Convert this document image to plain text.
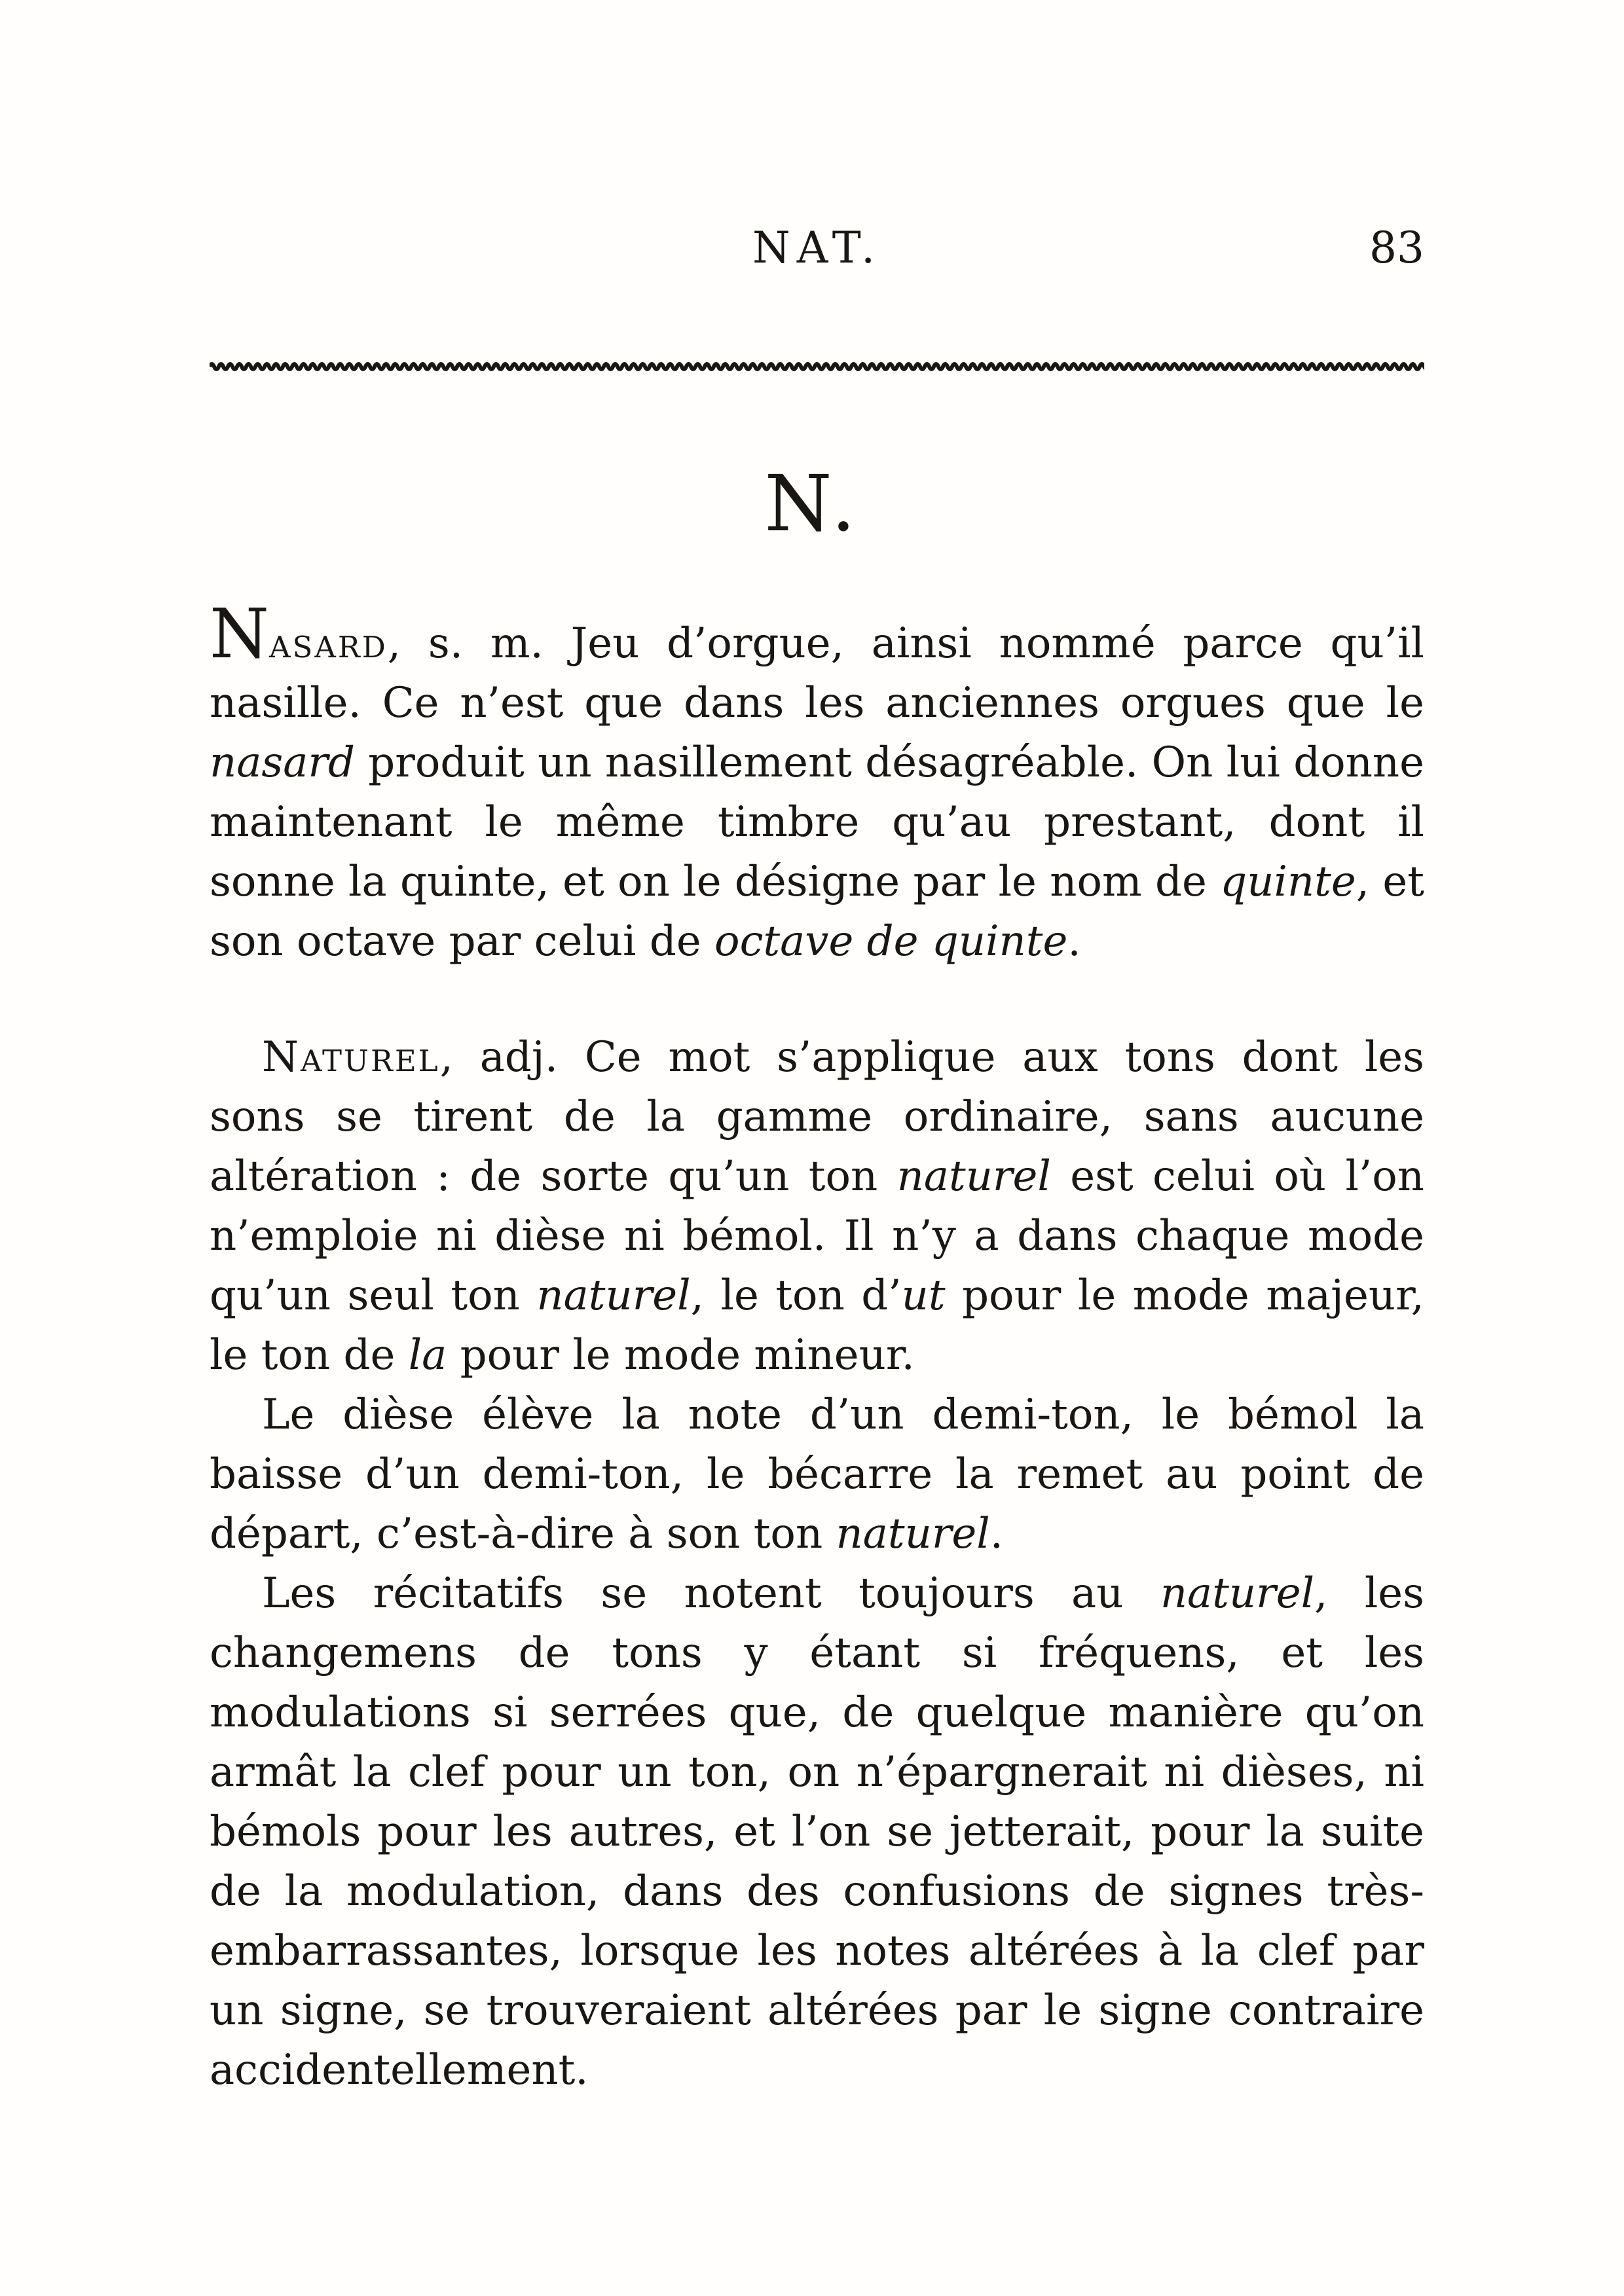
NAT.	83
N.

Nasard, s. m. Jeu d’orgue, ainsi nommé parce qu’il nasille. Ce n’est que dans les anciennes orgues que le nasard produit un nasillement désagréable. On lui donne maintenant le même timbre qu’au prestant, dont il sonne la quinte, et on le désigne par le nom de quinte, et son octave par celui de octave de quinte.

Naturel, adj. Ce mot s’applique aux tons dont les sons se tirent de la gamme ordinaire, sans aucune altération : de sorte qu’un ton naturel est celui où l’on n’emploie ni dièse ni bémol. Il n’y a dans chaque mode qu’un seul ton naturel, le ton d’ut pour le mode majeur, le ton de la pour le mode mineur.

Le dièse élève la note d’un demi-ton, le bémol la baisse d’un demi-ton, le bécarre la remet au point de départ, c’est-à-dire à son ton naturel.

Les récitatifs se notent toujours au naturel, les changemens de tons y étant si fréquens, et les modulations si serrées que, de quelque manière qu’on armât la clef pour un ton, on n’épargnerait ni dièses, ni bémols pour les autres, et l’on se jetterait, pour la suite de la modulation, dans des confusions de signes très-embarrassantes, lorsque les notes altérées à la clef par un signe, se trouveraient altérées par le signe contraire accidentellement.
